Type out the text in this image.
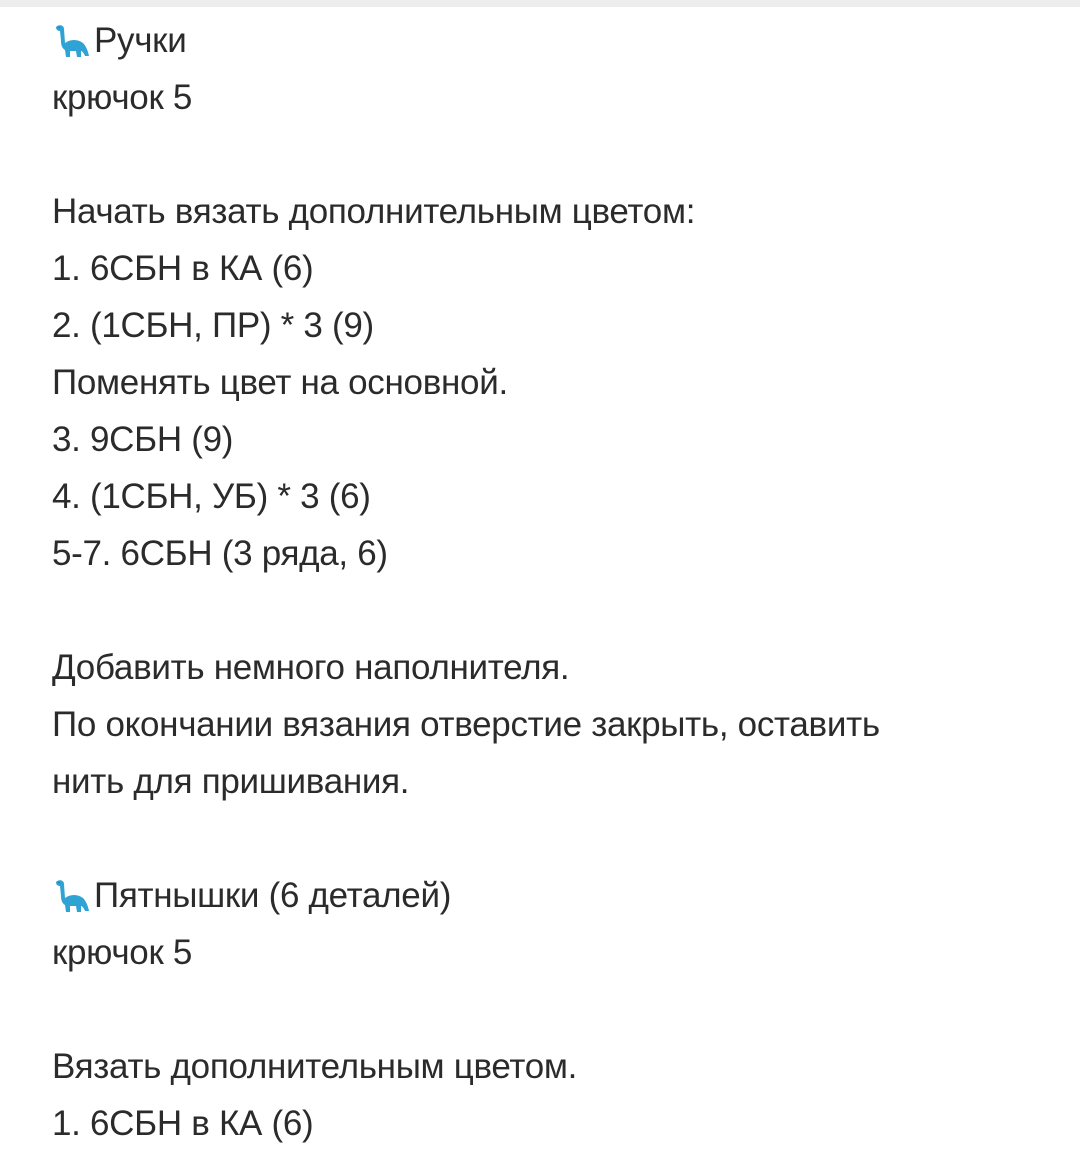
Ручки
крючок 5
Начать вязать дополнительным цветом:
1. 6СБН в КА (6)
2. (1СБН, ПР) * 3 (9)
Поменять цвет на основной.
3. 9СБН (9)
4. (1СБН, УБ) * 3 (6)
5-7. 6СБН (3 ряда, 6)
Добавить немного наполнителя.
По окончании вязания отверстие закрыть, оставить
нить для пришивания.
Пятнышки (6 деталей)
крючок 5
Вязать дополнительным цветом.
1. 6СБН в КА (6)
